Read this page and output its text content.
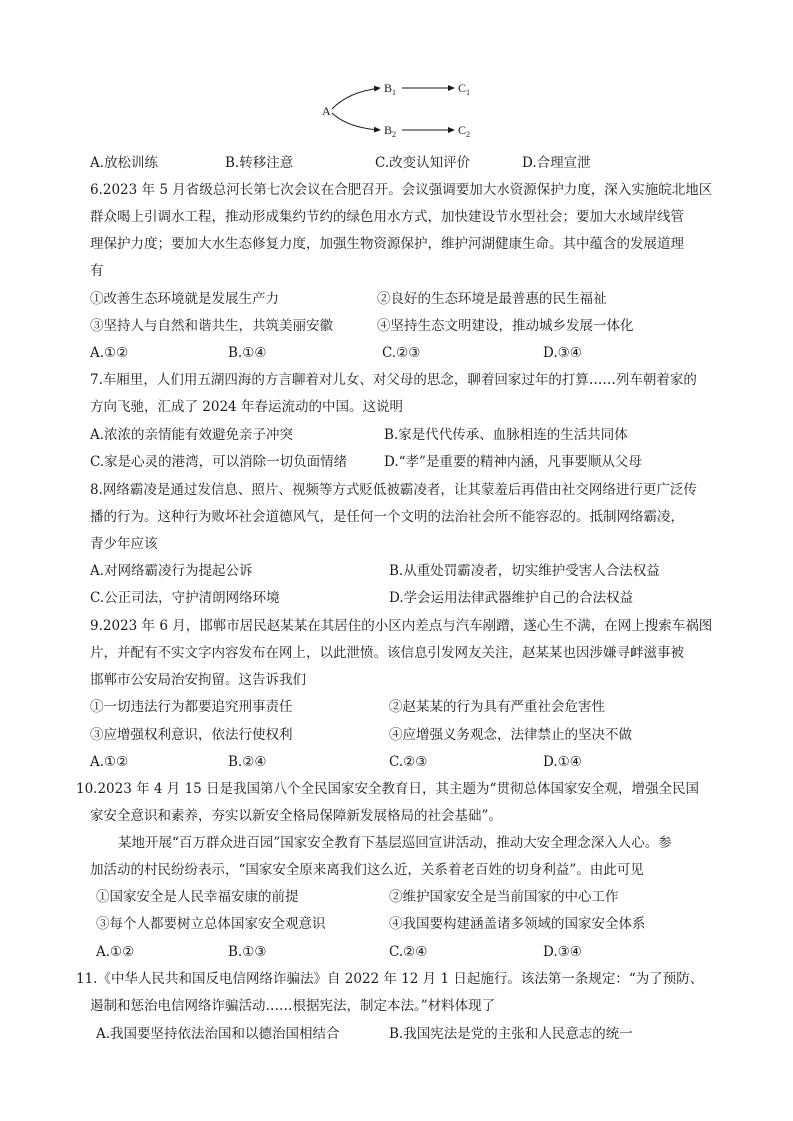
A
$B_1$
$B_2$
$C_1$
$C_2$
A.放松训练	B.转移注意	C.改变认知评价	D.合理宣泄
6.2023 年 5 月省级总河长第七次会议在合肥召开。会议强调要加大水资源保护力度，深入实施皖北地区
群众喝上引调水工程，推动形成集约节约的绿色用水方式，加快建设节水型社会；要加大水域岸线管
理保护力度；要加大水生态修复力度，加强生物资源保护，维护河湖健康生命。其中蕴含的发展道理
有
①改善生态环境就是发展生产力	②良好的生态环境是最普惠的民生福祉
③坚持人与自然和谐共生，共筑美丽安徽	④坚持生态文明建设，推动城乡发展一体化
A.①②	B.①④	C.②③	D.③④
7.车厢里，人们用五湖四海的方言聊着对儿女、对父母的思念，聊着回家过年的打算……列车朝着家的
方向飞驰，汇成了 2024 年春运流动的中国。这说明
A.浓浓的亲情能有效避免亲子冲突	B.家是代代传承、血脉相连的生活共同体
C.家是心灵的港湾，可以消除一切负面情绪	D.“孝”是重要的精神内涵，凡事要顺从父母
8.网络霸凌是通过发信息、照片、视频等方式贬低被霸凌者，让其蒙羞后再借由社交网络进行更广泛传
播的行为。这种行为败坏社会道德风气，是任何一个文明的法治社会所不能容忍的。抵制网络霸凌，
青少年应该
A.对网络霸凌行为提起公诉	B.从重处罚霸凌者，切实维护受害人合法权益
C.公正司法，守护清朗网络环境	D.学会运用法律武器维护自己的合法权益
9.2023 年 6 月，邯郸市居民赵某某在其居住的小区内差点与汽车剐蹭，遂心生不满，在网上搜索车祸图
片，并配有不实文字内容发布在网上，以此泄愤。该信息引发网友关注，赵某某也因涉嫌寻衅滋事被
邯郸市公安局治安拘留。这告诉我们
①一切违法行为都要追究刑事责任	②赵某某的行为具有严重社会危害性
③应增强权利意识，依法行使权利	④应增强义务观念，法律禁止的坚决不做
A.①②	B.②④	C.②③	D.①④
10.2023 年 4 月 15 日是我国第八个全民国家安全教育日，其主题为“贯彻总体国家安全观，增强全民国
家安全意识和素养，夯实以新安全格局保障新发展格局的社会基础”。
某地开展“百万群众进百园”国家安全教育下基层巡回宣讲活动，推动大安全理念深入人心。参
加活动的村民纷纷表示，“国家安全原来离我们这么近，关系着老百姓的切身利益”。由此可见
①国家安全是人民幸福安康的前提	②维护国家安全是当前国家的中心工作
③每个人都要树立总体国家安全观意识	④我国要构建涵盖诸多领域的国家安全体系
A.①②	B.①③	C.②④	D.③④
11.《中华人民共和国反电信网络诈骗法》自 2022 年 12 月 1 日起施行。该法第一条规定：“为了预防、
遏制和惩治电信网络诈骗活动……根据宪法，制定本法。”材料体现了
A.我国要坚持依法治国和以德治国相结合	B.我国宪法是党的主张和人民意志的统一
